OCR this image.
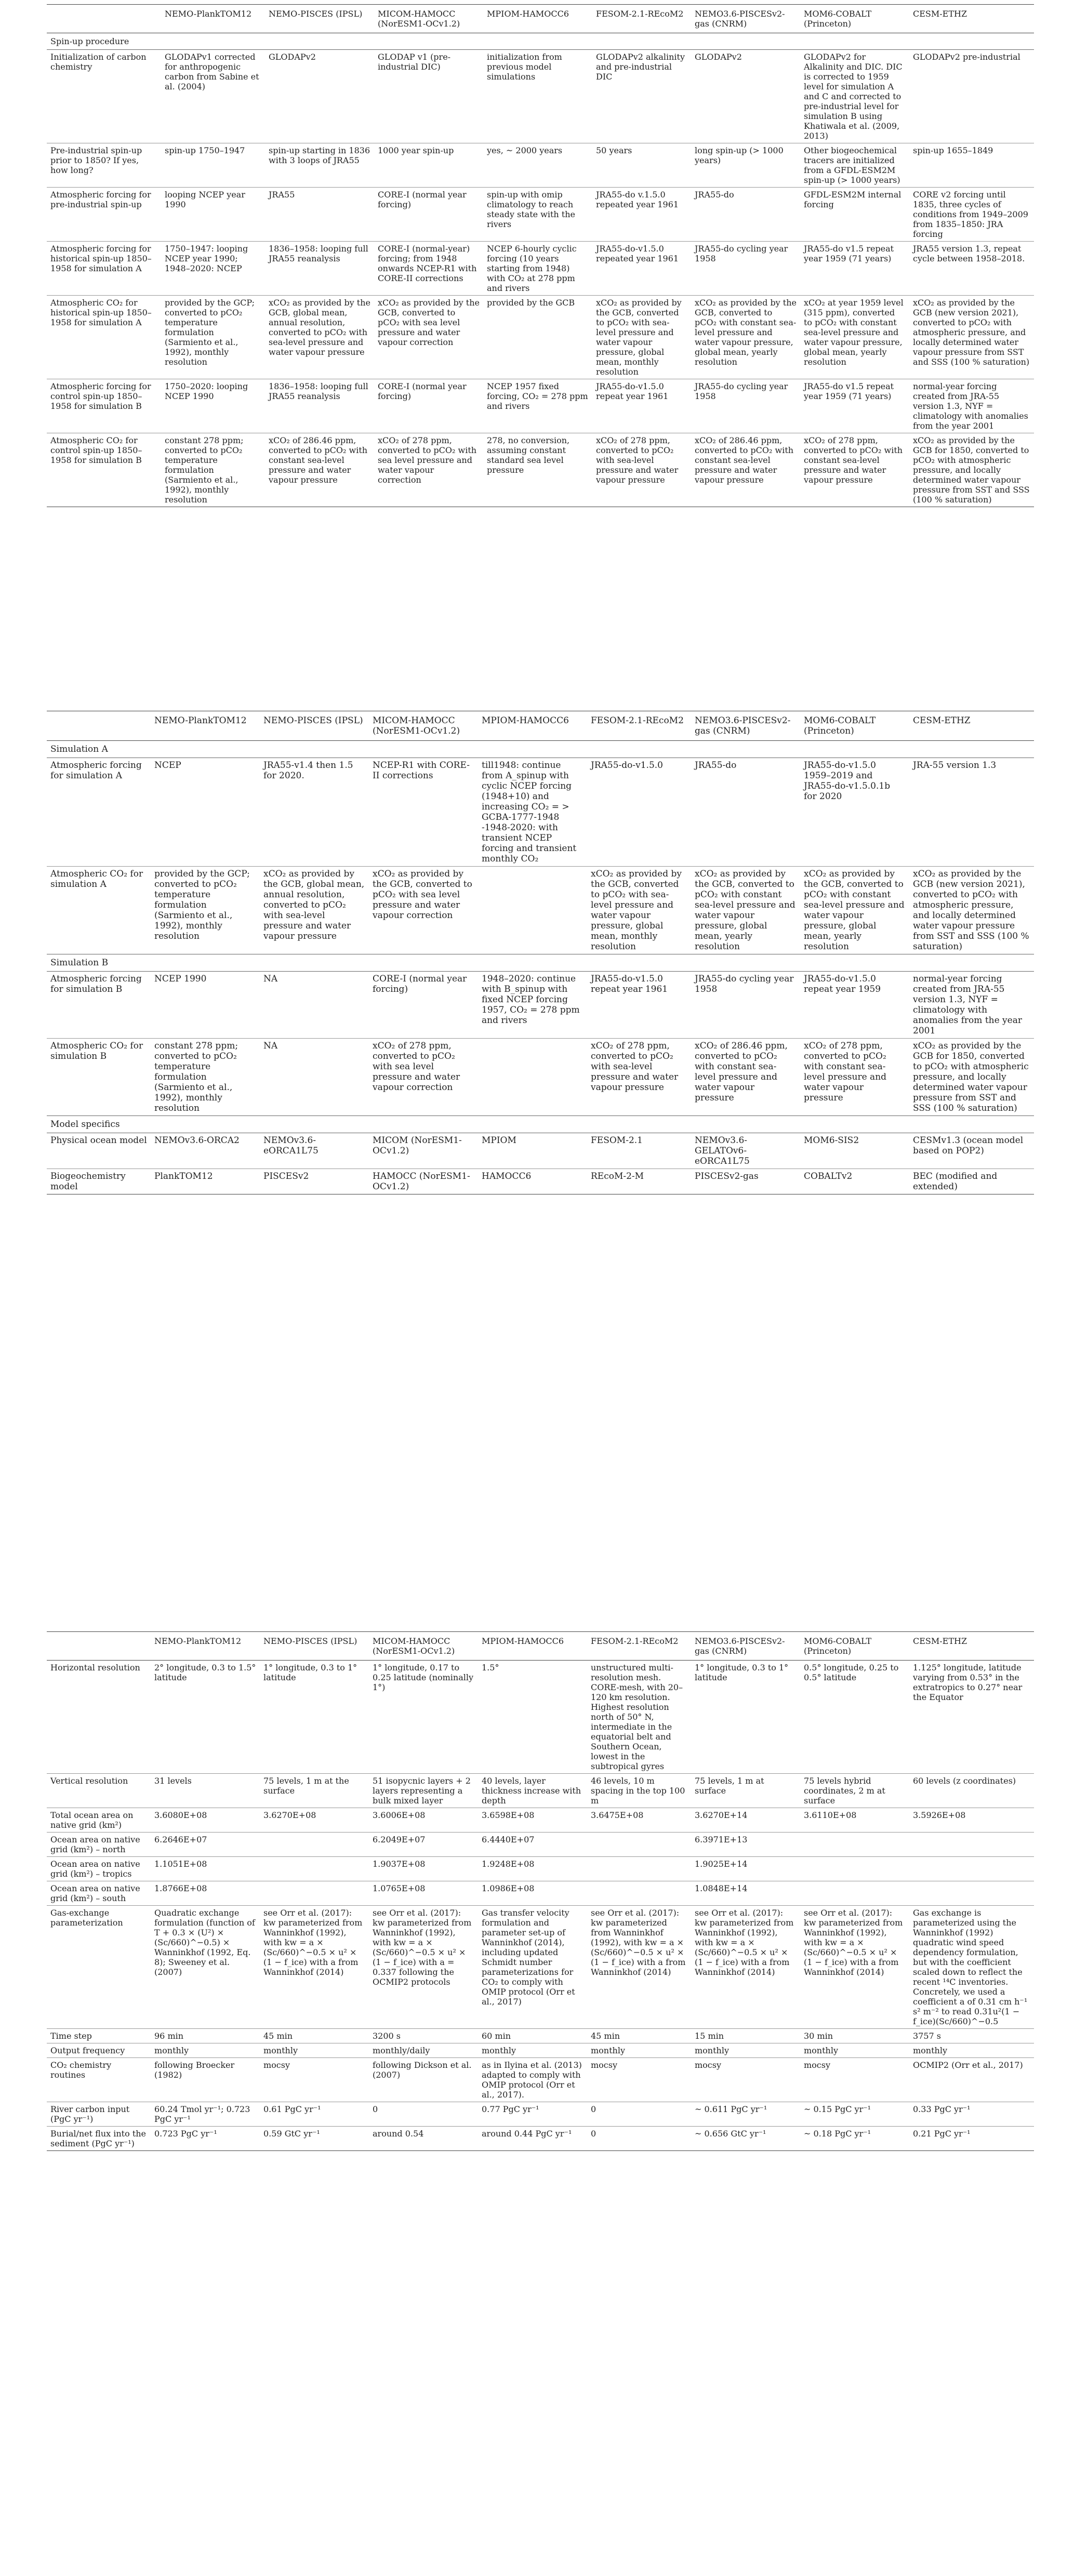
	NEMO-PlankTOM12	NEMO-PISCES (IPSL)	MICOM-HAMOCC (NorESM1-OCv1.2)	MPIOM-HAMOCC6	FESOM-2.1-REcoM2	NEMO3.6-PISCESv2-gas (CNRM)	MOM6-COBALT (Princeton)	CESM-ETHZ
Spin-up procedure								
Initialization of carbon chemistry	GLODAPv1 corrected for anthropogenic carbon from Sabine et al. (2004)	GLODAPv2	GLODAP v1 (pre-industrial DIC)	initialization from previous model simulations	GLODAPv2 alkalinity and pre-industrial DIC	GLODAPv2	GLODAPv2 for Alkalinity and DIC. DIC is corrected to 1959 level for simulation A and C and corrected to pre-industrial level for simulation B using Khatiwala et al. (2009, 2013)	GLODAPv2 pre-industrial
Pre-industrial spin-up prior to 1850? If yes, how long?	spin-up 1750–1947	spin-up starting in 1836 with 3 loops of JRA55	1000 year spin-up	yes, ~ 2000 years	50 years	long spin-up (> 1000 years)	Other biogeochemical tracers are initialized from a GFDL-ESM2M spin-up (> 1000 years)	spin-up 1655–1849
Atmospheric forcing for pre-industrial spin-up	looping NCEP year 1990	JRA55	CORE-I (normal year forcing)	spin-up with omip climatology to reach steady state with the rivers	JRA55-do v.1.5.0 repeated year 1961	JRA55-do	GFDL-ESM2M internal forcing	CORE v2 forcing until 1835, three cycles of conditions from 1949–2009 from 1835–1850: JRA forcing
Atmospheric forcing for historical spin-up 1850–1958 for simulation A	1750–1947: looping NCEP year 1990; 1948–2020: NCEP	1836–1958: looping full JRA55 reanalysis	CORE-I (normal-year) forcing; from 1948 onwards NCEP-R1 with CORE-II corrections	NCEP 6-hourly cyclic forcing (10 years starting from 1948) with CO₂ at 278 ppm and rivers	JRA55-do-v1.5.0 repeated year 1961	JRA55-do cycling year 1958	JRA55-do v1.5 repeat year 1959 (71 years)	JRA55 version 1.3, repeat cycle between 1958–2018.
Atmospheric CO₂ for historical spin-up 1850–1958 for simulation A	provided by the GCP; converted to pCO₂ temperature formulation (Sarmiento et al., 1992), monthly resolution	xCO₂ as provided by the GCB, global mean, annual resolution, converted to pCO₂ with sea-level pressure and water vapour pressure	xCO₂ as provided by the GCB, converted to pCO₂ with sea level pressure and water vapour correction	provided by the GCB	xCO₂ as provided by the GCB, converted to pCO₂ with sea-level pressure and water vapour pressure, global mean, monthly resolution	xCO₂ as provided by the GCB, converted to pCO₂ with constant sea-level pressure and water vapour pressure, global mean, yearly resolution	xCO₂ at year 1959 level (315 ppm), converted to pCO₂ with constant sea-level pressure and water vapour pressure, global mean, yearly resolution	xCO₂ as provided by the GCB (new version 2021), converted to pCO₂ with atmospheric pressure, and locally determined water vapour pressure from SST and SSS (100 % saturation)
Atmospheric forcing for control spin-up 1850–1958 for simulation B	1750–2020: looping NCEP 1990	1836–1958: looping full JRA55 reanalysis	CORE-I (normal year forcing)	NCEP 1957 fixed forcing, CO₂ = 278 ppm and rivers	JRA55-do-v1.5.0 repeat year 1961	JRA55-do cycling year 1958	JRA55-do v1.5 repeat year 1959 (71 years)	normal-year forcing created from JRA-55 version 1.3, NYF = climatology with anomalies from the year 2001
Atmospheric CO₂ for control spin-up 1850–1958 for simulation B	constant 278 ppm; converted to pCO₂ temperature formulation (Sarmiento et al., 1992), monthly resolution	xCO₂ of 286.46 ppm, converted to pCO₂ with constant sea-level pressure and water vapour pressure	xCO₂ of 278 ppm, converted to pCO₂ with sea level pressure and water vapour correction	278, no conversion, assuming constant standard sea level pressure	xCO₂ of 278 ppm, converted to pCO₂ with sea-level pressure and water vapour pressure	xCO₂ of 286.46 ppm, converted to pCO₂ with constant sea-level pressure and water vapour pressure	xCO₂ of 278 ppm, converted to pCO₂ with constant sea-level pressure and water vapour pressure	xCO₂ as provided by the GCB for 1850, converted to pCO₂ with atmospheric pressure, and locally determined water vapour pressure from SST and SSS (100 % saturation)
	NEMO-PlankTOM12	NEMO-PISCES (IPSL)	MICOM-HAMOCC (NorESM1-OCv1.2)	MPIOM-HAMOCC6	FESOM-2.1-REcoM2	NEMO3.6-PISCESv2-gas (CNRM)	MOM6-COBALT (Princeton)	CESM-ETHZ
Simulation A								
Atmospheric forcing for simulation A	NCEP	JRA55-v1.4 then 1.5 for 2020.	NCEP-R1 with CORE-II corrections	till1948: continue from A_spinup with cyclic NCEP forcing (1948+10) and increasing CO₂ = > GCBA-1777-1948 -1948-2020: with transient NCEP forcing and transient monthly CO₂	JRA55-do-v1.5.0	JRA55-do	JRA55-do-v1.5.0 1959–2019 and JRA55-do-v1.5.0.1b for 2020	JRA-55 version 1.3
Atmospheric CO₂ for simulation A	provided by the GCP; converted to pCO₂ temperature formulation (Sarmiento et al., 1992), monthly resolution	xCO₂ as provided by the GCB, global mean, annual resolution, converted to pCO₂ with sea-level pressure and water vapour pressure	xCO₂ as provided by the GCB, converted to pCO₂ with sea level pressure and water vapour correction		xCO₂ as provided by the GCB, converted to pCO₂ with sea-level pressure and water vapour pressure, global mean, monthly resolution	xCO₂ as provided by the GCB, converted to pCO₂ with constant sea-level pressure and water vapour pressure, global mean, yearly resolution	xCO₂ as provided by the GCB, converted to pCO₂ with constant sea-level pressure and water vapour pressure, global mean, yearly resolution	xCO₂ as provided by the GCB (new version 2021), converted to pCO₂ with atmospheric pressure, and locally determined water vapour pressure from SST and SSS (100 % saturation)
Simulation B								
Atmospheric forcing for simulation B	NCEP 1990	NA	CORE-I (normal year forcing)	1948–2020: continue with B_spinup with fixed NCEP forcing 1957, CO₂ = 278 ppm and rivers	JRA55-do-v1.5.0 repeat year 1961	JRA55-do cycling year 1958	JRA55-do-v1.5.0 repeat year 1959	normal-year forcing created from JRA-55 version 1.3, NYF = climatology with anomalies from the year 2001
Atmospheric CO₂ for simulation B	constant 278 ppm; converted to pCO₂ temperature formulation (Sarmiento et al., 1992), monthly resolution	NA	xCO₂ of 278 ppm, converted to pCO₂ with sea level pressure and water vapour correction		xCO₂ of 278 ppm, converted to pCO₂ with sea-level pressure and water vapour pressure	xCO₂ of 286.46 ppm, converted to pCO₂ with constant sea-level pressure and water vapour pressure	xCO₂ of 278 ppm, converted to pCO₂ with constant sea-level pressure and water vapour pressure	xCO₂ as provided by the GCB for 1850, converted to pCO₂ with atmospheric pressure, and locally determined water vapour pressure from SST and SSS (100 % saturation)
Model specifics								
Physical ocean model	NEMOv3.6-ORCA2	NEMOv3.6-eORCA1L75	MICOM (NorESM1-OCv1.2)	MPIOM	FESOM-2.1	NEMOv3.6-GELATOv6-eORCA1L75	MOM6-SIS2	CESMv1.3 (ocean model based on POP2)
Biogeochemistry model	PlankTOM12	PISCESv2	HAMOCC (NorESM1-OCv1.2)	HAMOCC6	REcoM-2-M	PISCESv2-gas	COBALTv2	BEC (modified and extended)
	NEMO-PlankTOM12	NEMO-PISCES (IPSL)	MICOM-HAMOCC (NorESM1-OCv1.2)	MPIOM-HAMOCC6	FESOM-2.1-REcoM2	NEMO3.6-PISCESv2-gas (CNRM)	MOM6-COBALT (Princeton)	CESM-ETHZ
Horizontal resolution	2° longitude, 0.3 to 1.5° latitude	1° longitude, 0.3 to 1° latitude	1° longitude, 0.17 to 0.25 latitude (nominally 1°)	1.5°	unstructured multi-resolution mesh. CORE-mesh, with 20–120 km resolution. Highest resolution north of 50° N, intermediate in the equatorial belt and Southern Ocean, lowest in the subtropical gyres	1° longitude, 0.3 to 1° latitude	0.5° longitude, 0.25 to 0.5° latitude	1.125° longitude, latitude varying from 0.53° in the extratropics to 0.27° near the Equator
Vertical resolution	31 levels	75 levels, 1 m at the surface	51 isopycnic layers + 2 layers representing a bulk mixed layer	40 levels, layer thickness increase with depth	46 levels, 10 m spacing in the top 100 m	75 levels, 1 m at surface	75 levels hybrid coordinates, 2 m at surface	60 levels (z coordinates)
Total ocean area on native grid (km²)	3.6080E+08	3.6270E+08	3.6006E+08	3.6598E+08	3.6475E+08	3.6270E+14	3.6110E+08	3.5926E+08
Ocean area on native grid (km²) – north	6.2646E+07		6.2049E+07	6.4440E+07		6.3971E+13		
Ocean area on native grid (km²) – tropics	1.1051E+08		1.9037E+08	1.9248E+08		1.9025E+14		
Ocean area on native grid (km²) – south	1.8766E+08		1.0765E+08	1.0986E+08		1.0848E+14		
Gas-exchange parameterization	Quadratic exchange formulation (function of T + 0.3 × (U²) × (Sc/660)^−0.5) × Wanninkhof (1992, Eq. 8); Sweeney et al. (2007)	see Orr et al. (2017): kw parameterized from Wanninkhof (1992), with kw = a × (Sc/660)^−0.5 × u² × (1 − f_ice) with a from Wanninkhof (2014)	see Orr et al. (2017): kw parameterized from Wanninkhof (1992), with kw = a × (Sc/660)^−0.5 × u² × (1 − f_ice) with a = 0.337 following the OCMIP2 protocols	Gas transfer velocity formulation and parameter set-up of Wanninkhof (2014), including updated Schmidt number parameterizations for CO₂ to comply with OMIP protocol (Orr et al., 2017)	see Orr et al. (2017): kw parameterized from Wanninkhof (1992), with kw = a × (Sc/660)^−0.5 × u² × (1 − f_ice) with a from Wanninkhof (2014)	see Orr et al. (2017): kw parameterized from Wanninkhof (1992), with kw = a × (Sc/660)^−0.5 × u² × (1 − f_ice) with a from Wanninkhof (2014)	see Orr et al. (2017): kw parameterized from Wanninkhof (1992), with kw = a × (Sc/660)^−0.5 × u² × (1 − f_ice) with a from Wanninkhof (2014)	Gas exchange is parameterized using the Wanninkhof (1992) quadratic wind speed dependency formulation, but with the coefficient scaled down to reflect the recent ¹⁴C inventories. Concretely, we used a coefficient a of 0.31 cm h⁻¹ s² m⁻² to read 0.31u²(1 − f_ice)(Sc/660)^−0.5
Time step	96 min	45 min	3200 s	60 min	45 min	15 min	30 min	3757 s
Output frequency	monthly	monthly	monthly/daily	monthly	monthly	monthly	monthly	monthly
CO₂ chemistry routines	following Broecker (1982)	mocsy	following Dickson et al. (2007)	as in Ilyina et al. (2013) adapted to comply with OMIP protocol (Orr et al., 2017).	mocsy	mocsy	mocsy	OCMIP2 (Orr et al., 2017)
River carbon input (PgC yr⁻¹)	60.24 Tmol yr⁻¹; 0.723 PgC yr⁻¹	0.61 PgC yr⁻¹	0	0.77 PgC yr⁻¹	0	~ 0.611 PgC yr⁻¹	~ 0.15 PgC yr⁻¹	0.33 PgC yr⁻¹
Burial/net flux into the sediment (PgC yr⁻¹)	0.723 PgC yr⁻¹	0.59 GtC yr⁻¹	around 0.54	around 0.44 PgC yr⁻¹	0	~ 0.656 GtC yr⁻¹	~ 0.18 PgC yr⁻¹	0.21 PgC yr⁻¹
